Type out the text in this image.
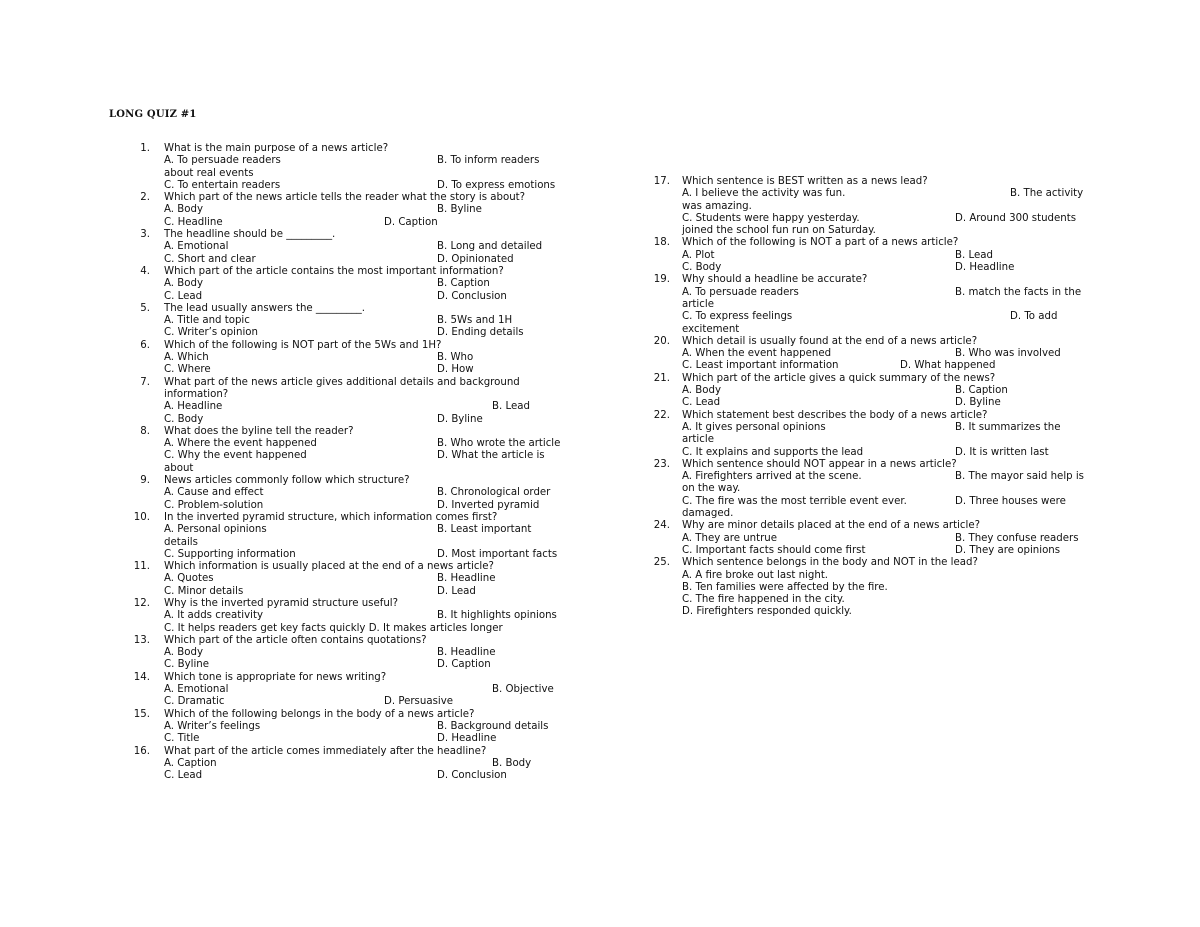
LONG QUIZ #1
1. What is the main purpose of a news article?
A. To persuade readers	B. To inform readers
about real events
C. To entertain readers	D. To express emotions
2. Which part of the news article tells the reader what the story is about?
A. Body	B. Byline
C. Headline	D. Caption
3. The headline should be _________.
A. Emotional	B. Long and detailed
C. Short and clear	D. Opinionated
4. Which part of the article contains the most important information?
A. Body	B. Caption
C. Lead	D. Conclusion
5. The lead usually answers the _________.
A. Title and topic	B. 5Ws and 1H
C. Writer’s opinion	D. Ending details
6. Which of the following is NOT part of the 5Ws and 1H?
A. Which	B. Who
C. Where	D. How
7. What part of the news article gives additional details and background
information?
A. Headline	B. Lead
C. Body	D. Byline
8. What does the byline tell the reader?
A. Where the event happened	B. Who wrote the article
C. Why the event happened	D. What the article is
about
9. News articles commonly follow which structure?
A. Cause and effect	B. Chronological order
C. Problem-solution	D. Inverted pyramid
10. In the inverted pyramid structure, which information comes first?
A. Personal opinions	B. Least important
details
C. Supporting information	D. Most important facts
11. Which information is usually placed at the end of a news article?
A. Quotes	B. Headline
C. Minor details	D. Lead
12. Why is the inverted pyramid structure useful?
A. It adds creativity	B. It highlights opinions
C. It helps readers get key facts quickly D. It makes articles longer
13. Which part of the article often contains quotations?
A. Body	B. Headline
C. Byline	D. Caption
14. Which tone is appropriate for news writing?
A. Emotional	B. Objective
C. Dramatic	D. Persuasive
15. Which of the following belongs in the body of a news article?
A. Writer’s feelings	B. Background details
C. Title	D. Headline
16. What part of the article comes immediately after the headline?
A. Caption	B. Body
C. Lead	D. Conclusion
17. Which sentence is BEST written as a news lead?
A. I believe the activity was fun.	B. The activity
was amazing.
C. Students were happy yesterday.	D. Around 300 students
joined the school fun run on Saturday.
18. Which of the following is NOT a part of a news article?
A. Plot	B. Lead
C. Body	D. Headline
19. Why should a headline be accurate?
A. To persuade readers	B. match the facts in the
article
C. To express feelings	D. To add
excitement
20. Which detail is usually found at the end of a news article?
A. When the event happened	B. Who was involved
C. Least important information	D. What happened
21. Which part of the article gives a quick summary of the news?
A. Body	B. Caption
C. Lead	D. Byline
22. Which statement best describes the body of a news article?
A. It gives personal opinions	B. It summarizes the
article
C. It explains and supports the lead	D. It is written last
23. Which sentence should NOT appear in a news article?
A. Firefighters arrived at the scene.	B. The mayor said help is
on the way.
C. The fire was the most terrible event ever.	D. Three houses were
damaged.
24. Why are minor details placed at the end of a news article?
A. They are untrue	B. They confuse readers
C. Important facts should come first	D. They are opinions
25. Which sentence belongs in the body and NOT in the lead?
A. A fire broke out last night.
B. Ten families were affected by the fire.
C. The fire happened in the city.
D. Firefighters responded quickly.
